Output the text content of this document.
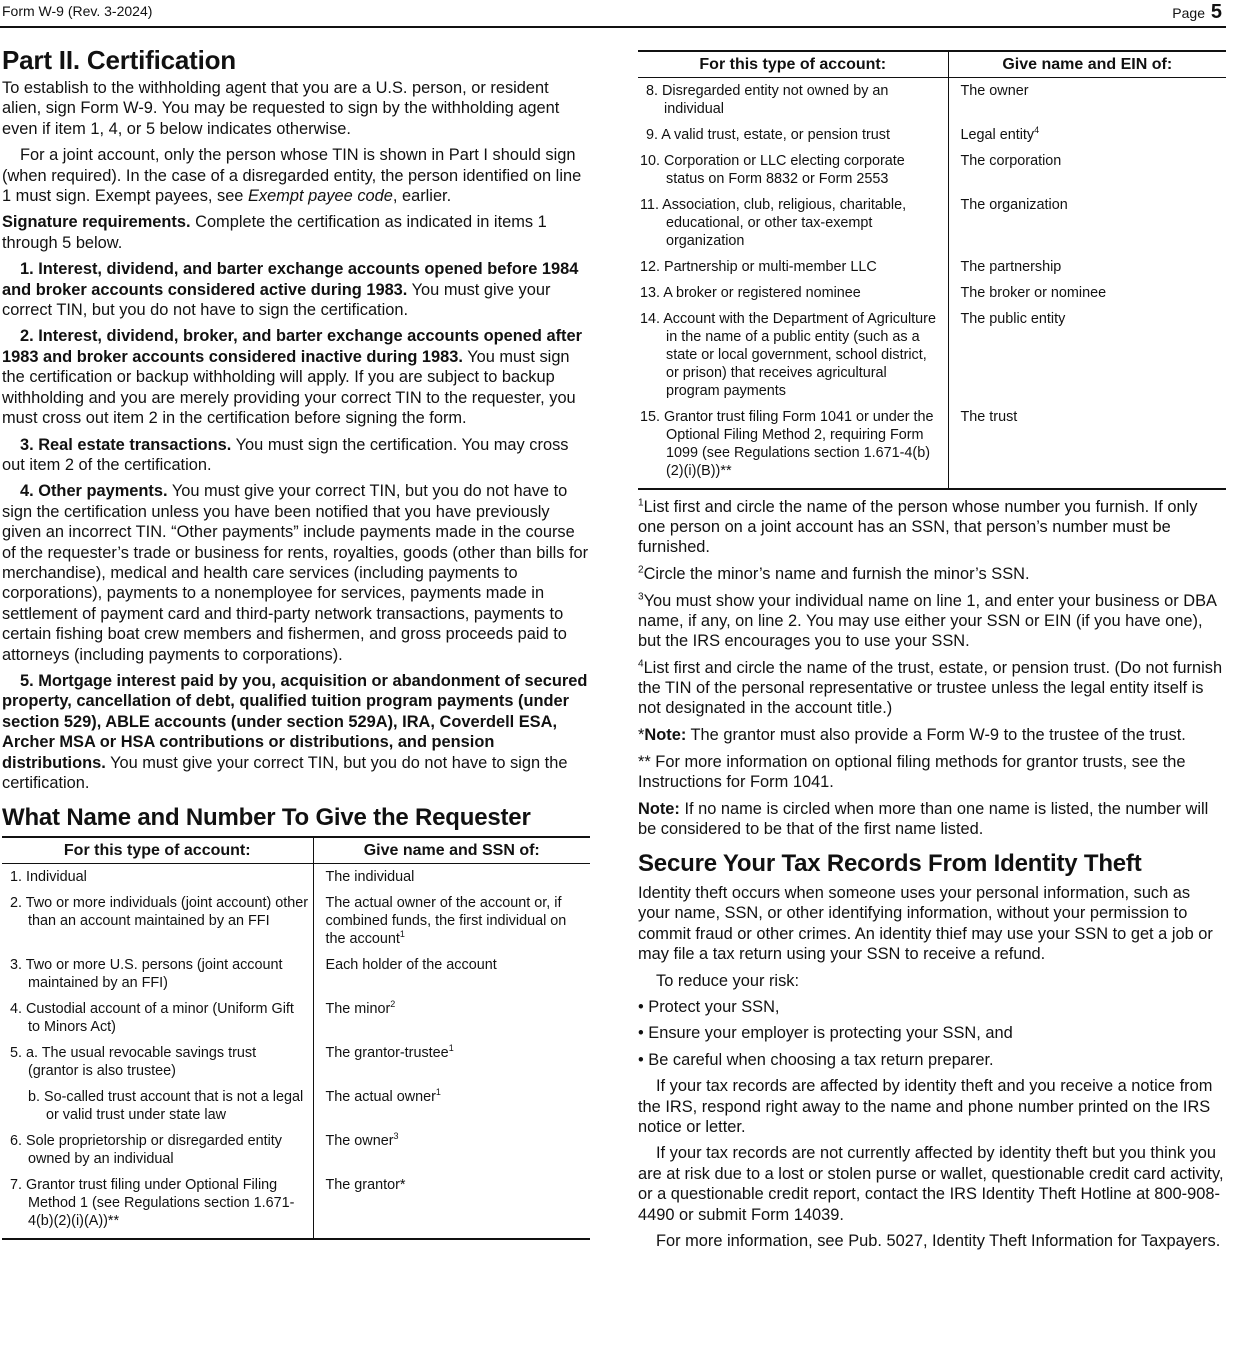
Form W-9 (Rev. 3-2024)	Page 5
Part II. Certification

To establish to the withholding agent that you are a U.S. person, or resident alien, sign Form W-9. You may be requested to sign by the withholding agent even if item 1, 4, or 5 below indicates otherwise.

For a joint account, only the person whose TIN is shown in Part I should sign (when required). In the case of a disregarded entity, the person identified on line 1 must sign. Exempt payees, see Exempt payee code, earlier.

Signature requirements. Complete the certification as indicated in items 1 through 5 below.

1. Interest, dividend, and barter exchange accounts opened before 1984 and broker accounts considered active during 1983. You must give your correct TIN, but you do not have to sign the certification.

2. Interest, dividend, broker, and barter exchange accounts opened after 1983 and broker accounts considered inactive during 1983. You must sign the certification or backup withholding will apply. If you are subject to backup withholding and you are merely providing your correct TIN to the requester, you must cross out item 2 in the certification before signing the form.

3. Real estate transactions. You must sign the certification. You may cross out item 2 of the certification.

4. Other payments. You must give your correct TIN, but you do not have to sign the certification unless you have been notified that you have previously given an incorrect TIN. “Other payments” include payments made in the course of the requester’s trade or business for rents, royalties, goods (other than bills for merchandise), medical and health care services (including payments to corporations), payments to a nonemployee for services, payments made in settlement of payment card and third-party network transactions, payments to certain fishing boat crew members and fishermen, and gross proceeds paid to attorneys (including payments to corporations).

5. Mortgage interest paid by you, acquisition or abandonment of secured property, cancellation of debt, qualified tuition program payments (under section 529), ABLE accounts (under section 529A), IRA, Coverdell ESA, Archer MSA or HSA contributions or distributions, and pension distributions. You must give your correct TIN, but you do not have to sign the certification.

What Name and Number To Give the Requester
For this type of account:	Give name and SSN of:

1. Individual	The individual

2. Two or more individuals (joint account) other than an account maintained by an FFI	The actual owner of the account or, if combined funds, the first individual on the account$^1$

3. Two or more U.S. persons (joint account maintained by an FFI)	Each holder of the account

4. Custodial account of a minor (Uniform Gift to Minors Act)	The minor$^2$

5. a. The usual revocable savings trust (grantor is also trustee)	The grantor-trustee$^1$

b. So-called trust account that is not a legal or valid trust under state law	The actual owner$^1$

6. Sole proprietorship or disregarded entity owned by an individual	The owner$^3$

7. Grantor trust filing under Optional Filing Method 1 (see Regulations section 1.671-4(b)(2)(i)(A))**	The grantor*
For this type of account:	Give name and EIN of:

8. Disregarded entity not owned by an individual	The owner

9. A valid trust, estate, or pension trust	Legal entity$^4$

10. Corporation or LLC electing corporate status on Form 8832 or Form 2553	The corporation

11. Association, club, religious, charitable, educational, or other tax-exempt organization	The organization

12. Partnership or multi-member LLC	The partnership

13. A broker or registered nominee	The broker or nominee

14. Account with the Department of Agriculture in the name of a public entity (such as a state or local government, school district, or prison) that receives agricultural program payments	The public entity

15. Grantor trust filing Form 1041 or under the Optional Filing Method 2, requiring Form 1099 (see Regulations section 1.671-4(b)(2)(i)(B))**	The trust

$^1$List first and circle the name of the person whose number you furnish. If only one person on a joint account has an SSN, that person’s number must be furnished.

$^2$Circle the minor’s name and furnish the minor’s SSN.

$^3$You must show your individual name on line 1, and enter your business or DBA name, if any, on line 2. You may use either your SSN or EIN (if you have one), but the IRS encourages you to use your SSN.

$^4$List first and circle the name of the trust, estate, or pension trust. (Do not furnish the TIN of the personal representative or trustee unless the legal entity itself is not designated in the account title.)

*Note: The grantor must also provide a Form W-9 to the trustee of the trust.

** For more information on optional filing methods for grantor trusts, see the Instructions for Form 1041.

Note: If no name is circled when more than one name is listed, the number will be considered to be that of the first name listed.

Secure Your Tax Records From Identity Theft

Identity theft occurs when someone uses your personal information, such as your name, SSN, or other identifying information, without your permission to commit fraud or other crimes. An identity thief may use your SSN to get a job or may file a tax return using your SSN to receive a refund.

To reduce your risk:

• Protect your SSN,

• Ensure your employer is protecting your SSN, and

• Be careful when choosing a tax return preparer.

If your tax records are affected by identity theft and you receive a notice from the IRS, respond right away to the name and phone number printed on the IRS notice or letter.

If your tax records are not currently affected by identity theft but you think you are at risk due to a lost or stolen purse or wallet, questionable credit card activity, or a questionable credit report, contact the IRS Identity Theft Hotline at 800-908-4490 or submit Form 14039.

For more information, see Pub. 5027, Identity Theft Information for Taxpayers.
